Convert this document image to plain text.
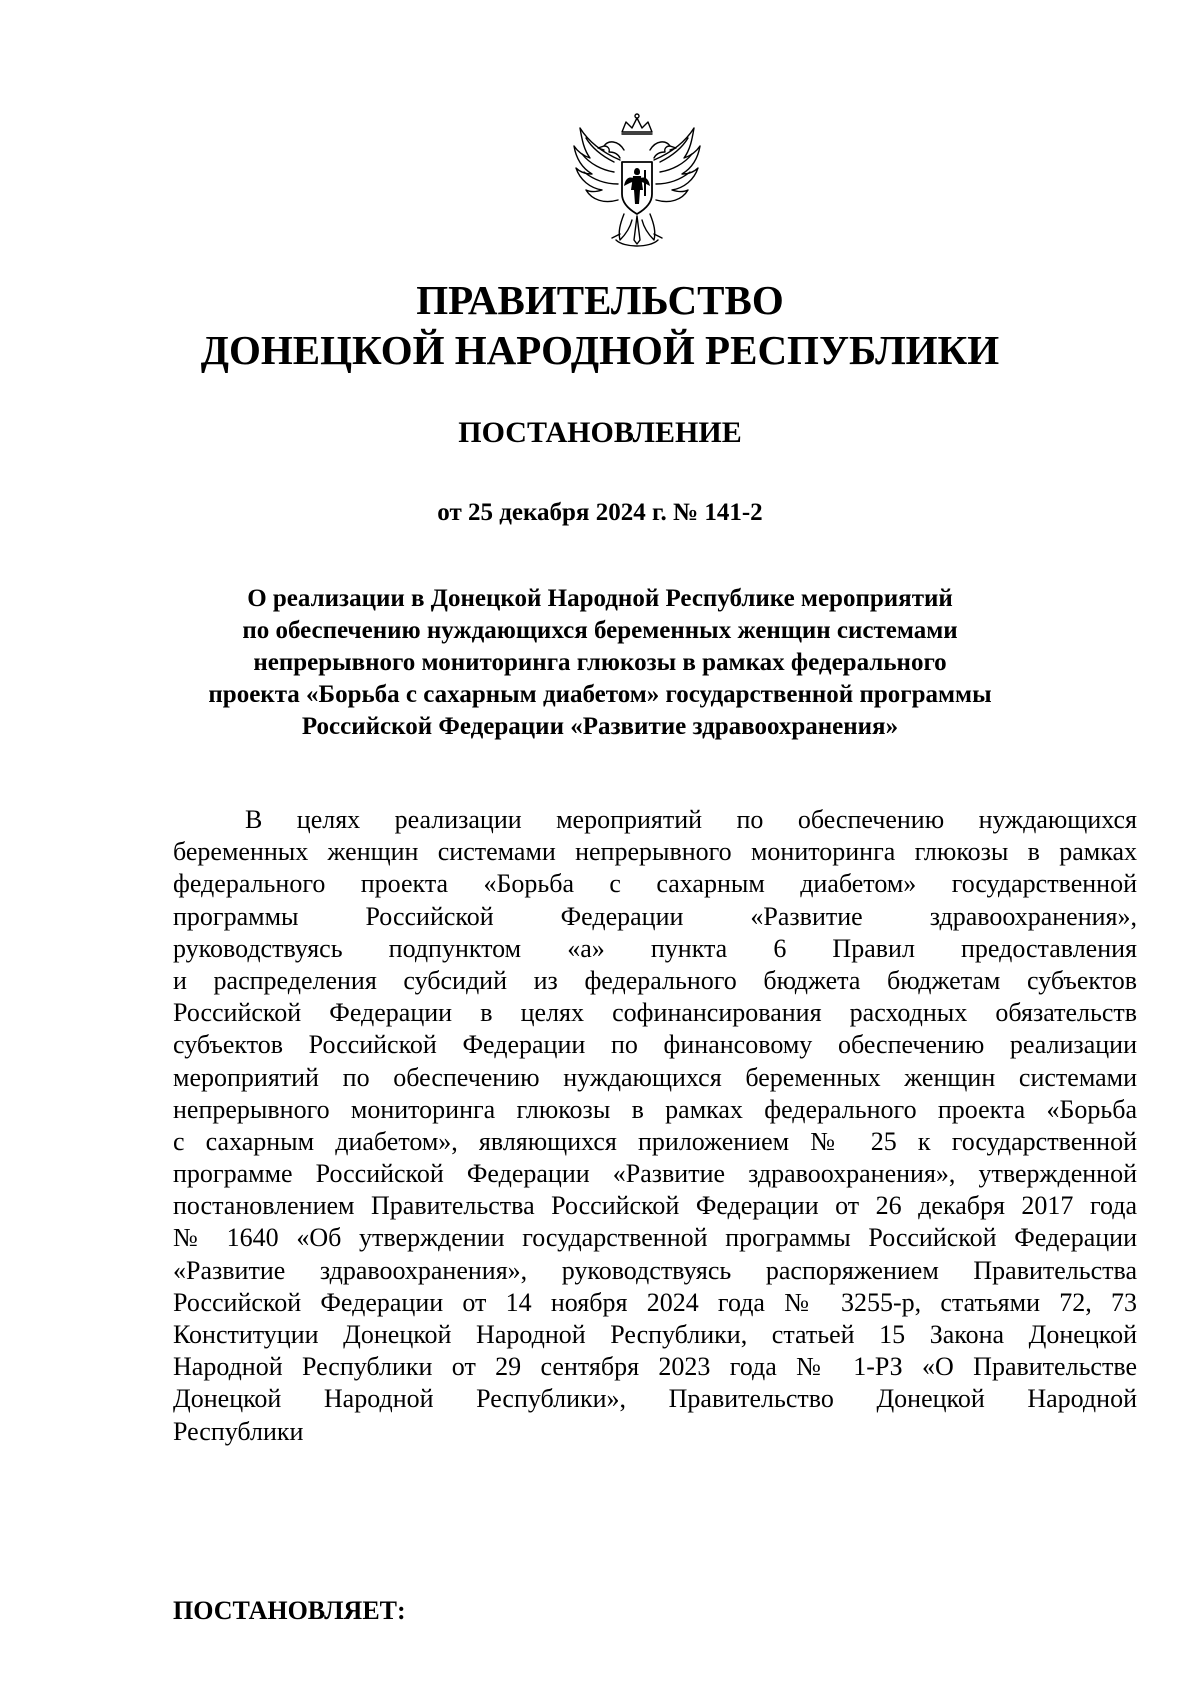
ПРАВИТЕЛЬСТВО
ДОНЕЦКОЙ НАРОДНОЙ РЕСПУБЛИКИ
ПОСТАНОВЛЕНИЕ
от 25 декабря 2024 г. № 141-2
О реализации в Донецкой Народной Республике мероприятий
по обеспечению нуждающихся беременных женщин системами
непрерывного мониторинга глюкозы в рамках федерального
проекта «Борьба с сахарным диабетом» государственной программы
Российской Федерации «Развитие здравоохранения»
В целях реализации мероприятий по обеспечению нуждающихся
беременных женщин системами непрерывного мониторинга глюкозы в рамках
федерального проекта «Борьба с сахарным диабетом» государственной
программы Российской Федерации «Развитие здравоохранения»,
руководствуясь подпунктом «а» пункта 6 Правил предоставления
и распределения субсидий из федерального бюджета бюджетам субъектов
Российской Федерации в целях софинансирования расходных обязательств
субъектов Российской Федерации по финансовому обеспечению реализации
мероприятий по обеспечению нуждающихся беременных женщин системами
непрерывного мониторинга глюкозы в рамках федерального проекта «Борьба
с сахарным диабетом», являющихся приложением № 25 к государственной
программе Российской Федерации «Развитие здравоохранения», утвержденной
постановлением Правительства Российской Федерации от 26 декабря 2017 года
№ 1640 «Об утверждении государственной программы Российской Федерации
«Развитие здравоохранения», руководствуясь распоряжением Правительства
Российской Федерации от 14 ноября 2024 года № 3255-р, статьями 72, 73
Конституции Донецкой Народной Республики, статьей 15 Закона Донецкой
Народной Республики от 29 сентября 2023 года № 1-РЗ «О Правительстве
Донецкой Народной Республики», Правительство Донецкой Народной
Республики
ПОСТАНОВЛЯЕТ:
